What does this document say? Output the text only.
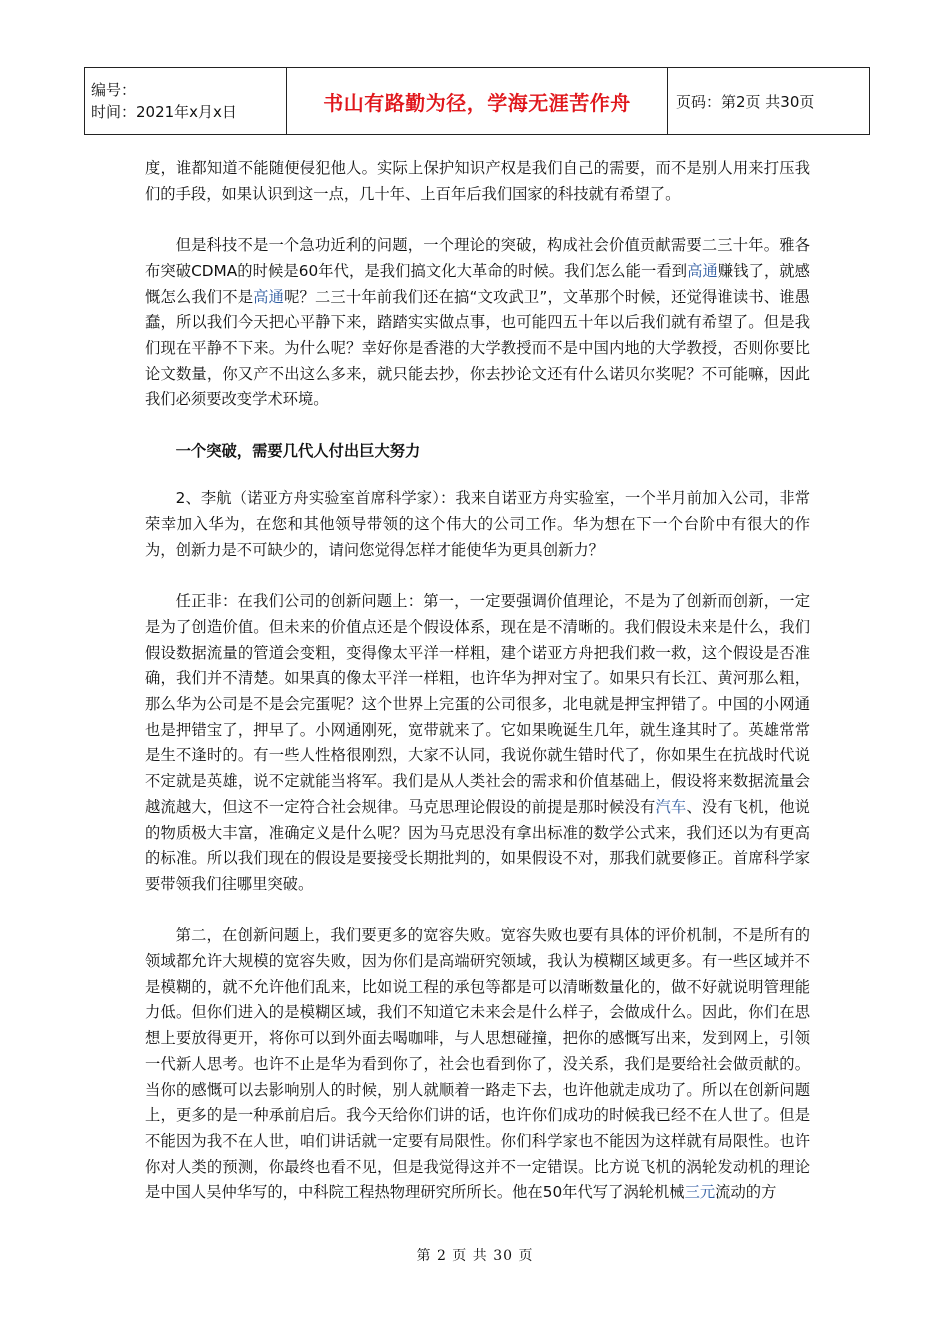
编号：
时间：2021年x月x日	书山有路勤为径，学海无涯苦作舟	页码：第2页 共30页

度，谁都知道不能随便侵犯他人。实际上保护知识产权是我们自己的需要，而不是别人用来打压我们的手段，如果认识到这一点，几十年、上百年后我们国家的科技就有希望了。

但是科技不是一个急功近利的问题，一个理论的突破，构成社会价值贡献需要二三十年。雅各布突破CDMA的时候是60年代，是我们搞文化大革命的时候。我们怎么能一看到高通赚钱了，就感慨怎么我们不是高通呢？二三十年前我们还在搞“文攻武卫”，文革那个时候，还觉得谁读书、谁愚蠢，所以我们今天把心平静下来，踏踏实实做点事，也可能四五十年以后我们就有希望了。但是我们现在平静不下来。为什么呢？幸好你是香港的大学教授而不是中国内地的大学教授，否则你要比论文数量，你又产不出这么多来，就只能去抄，你去抄论文还有什么诺贝尔奖呢？不可能嘛，因此我们必须要改变学术环境。

一个突破，需要几代人付出巨大努力

2、李航（诺亚方舟实验室首席科学家）：我来自诺亚方舟实验室，一个半月前加入公司，非常荣幸加入华为，在您和其他领导带领的这个伟大的公司工作。华为想在下一个台阶中有很大的作为，创新力是不可缺少的，请问您觉得怎样才能使华为更具创新力？

任正非：在我们公司的创新问题上：第一，一定要强调价值理论，不是为了创新而创新，一定是为了创造价值。但未来的价值点还是个假设体系，现在是不清晰的。我们假设未来是什么，我们假设数据流量的管道会变粗，变得像太平洋一样粗，建个诺亚方舟把我们救一救，这个假设是否准确，我们并不清楚。如果真的像太平洋一样粗，也许华为押对宝了。如果只有长江、黄河那么粗，那么华为公司是不是会完蛋呢？这个世界上完蛋的公司很多，北电就是押宝押错了。中国的小网通也是押错宝了，押早了。小网通刚死，宽带就来了。它如果晚诞生几年，就生逢其时了。英雄常常是生不逢时的。有一些人性格很刚烈，大家不认同，我说你就生错时代了，你如果生在抗战时代说不定就是英雄，说不定就能当将军。我们是从人类社会的需求和价值基础上，假设将来数据流量会越流越大，但这不一定符合社会规律。马克思理论假设的前提是那时候没有汽车、没有飞机，他说的物质极大丰富，准确定义是什么呢？因为马克思没有拿出标准的数学公式来，我们还以为有更高的标准。所以我们现在的假设是要接受长期批判的，如果假设不对，那我们就要修正。首席科学家要带领我们往哪里突破。

第二，在创新问题上，我们要更多的宽容失败。宽容失败也要有具体的评价机制，不是所有的领域都允许大规模的宽容失败，因为你们是高端研究领域，我认为模糊区域更多。有一些区域并不是模糊的，就不允许他们乱来，比如说工程的承包等都是可以清晰数量化的，做不好就说明管理能力低。但你们进入的是模糊区域，我们不知道它未来会是什么样子，会做成什么。因此，你们在思想上要放得更开，将你可以到外面去喝咖啡，与人思想碰撞，把你的感慨写出来，发到网上，引领一代新人思考。也许不止是华为看到你了，社会也看到你了，没关系，我们是要给社会做贡献的。当你的感慨可以去影响别人的时候，别人就顺着一路走下去，也许他就走成功了。所以在创新问题上，更多的是一种承前启后。我今天给你们讲的话，也许你们成功的时候我已经不在人世了。但是不能因为我不在人世，咱们讲话就一定要有局限性。你们科学家也不能因为这样就有局限性。也许你对人类的预测，你最终也看不见，但是我觉得这并不一定错误。比方说飞机的涡轮发动机的理论是中国人吴仲华写的，中科院工程热物理研究所所长。他在50年代写了涡轮机械三元流动的方

第 2 页 共 30 页
